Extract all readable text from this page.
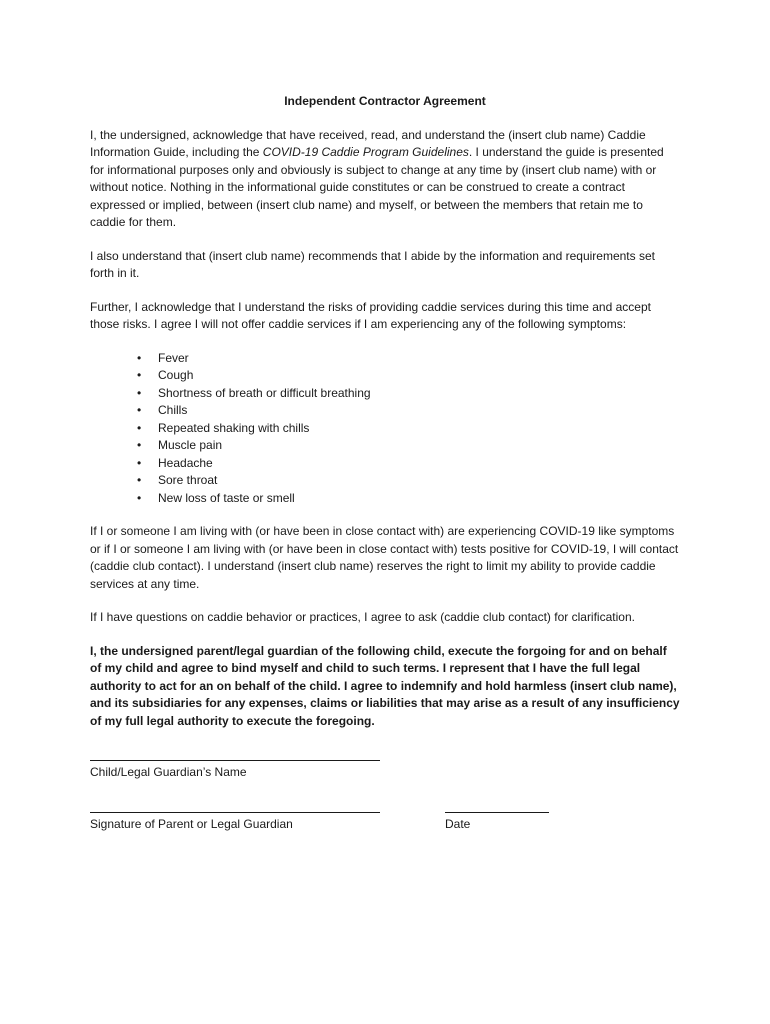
Independent Contractor Agreement

I, the undersigned, acknowledge that have received, read, and understand the (insert club name) Caddie Information Guide, including the COVID-19 Caddie Program Guidelines. I understand the guide is presented for informational purposes only and obviously is subject to change at any time by (insert club name) with or without notice. Nothing in the informational guide constitutes or can be construed to create a contract expressed or implied, between (insert club name) and myself, or between the members that retain me to caddie for them.

I also understand that (insert club name) recommends that I abide by the information and requirements set forth in it.

Further, I acknowledge that I understand the risks of providing caddie services during this time and accept those risks. I agree I will not offer caddie services if I am experiencing any of the following symptoms:

• Fever
• Cough
• Shortness of breath or difficult breathing
• Chills
• Repeated shaking with chills
• Muscle pain
• Headache
• Sore throat
• New loss of taste or smell

If I or someone I am living with (or have been in close contact with) are experiencing COVID-19 like symptoms or if I or someone I am living with (or have been in close contact with) tests positive for COVID-19, I will contact (caddie club contact). I understand (insert club name) reserves the right to limit my ability to provide caddie services at any time.

If I have questions on caddie behavior or practices, I agree to ask (caddie club contact) for clarification.

I, the undersigned parent/legal guardian of the following child, execute the forgoing for and on behalf of my child and agree to bind myself and child to such terms. I represent that I have the full legal authority to act for an on behalf of the child. I agree to indemnify and hold harmless (insert club name), and its subsidiaries for any expenses, claims or liabilities that may arise as a result of any insufficiency of my full legal authority to execute the foregoing.

Child/Legal Guardian’s Name
Signature of Parent or Legal Guardian	Date
